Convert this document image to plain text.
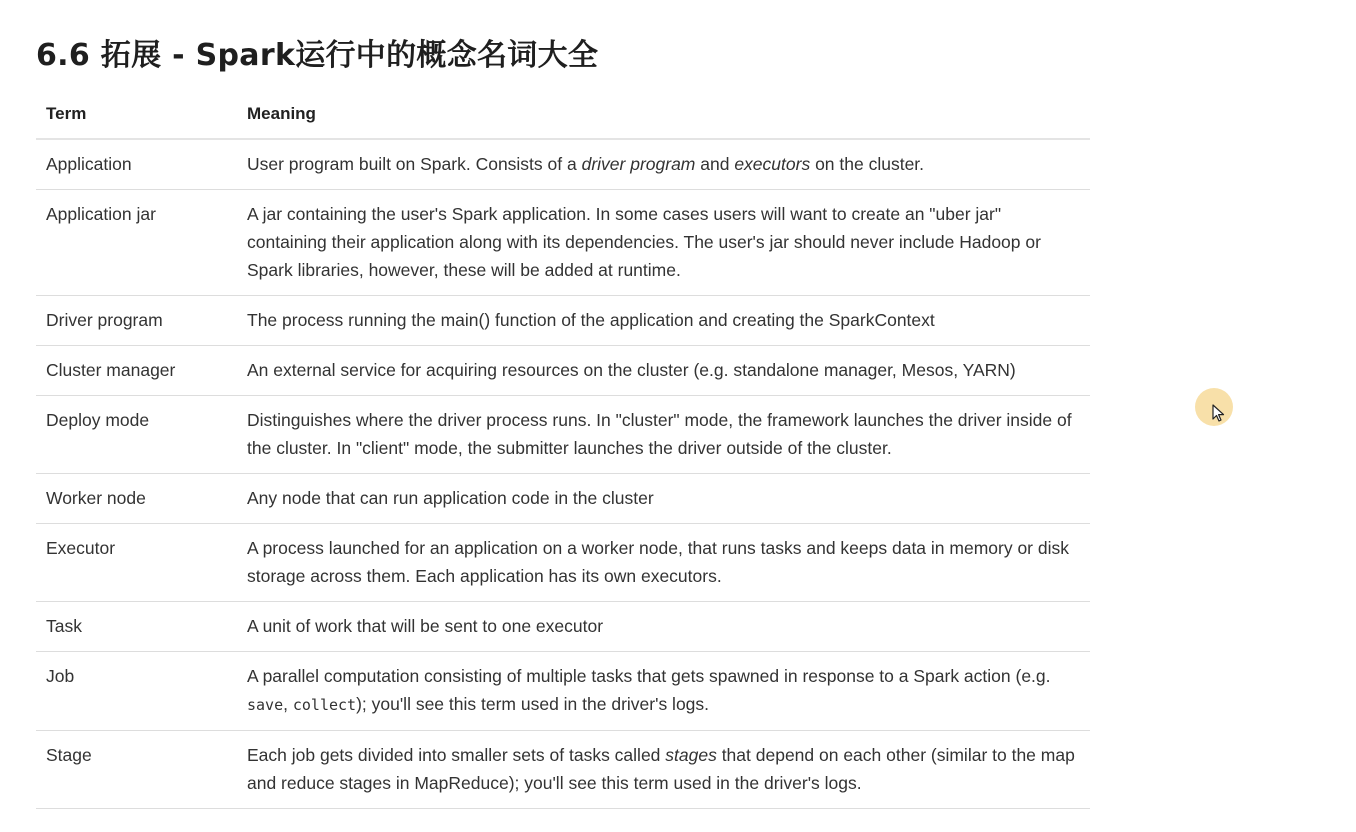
6.6 拓展 - Spark运行中的概念名词大全
Term	Meaning
Application	User program built on Spark. Consists of a driver program and executors on the cluster.
Application jar	A jar containing the user's Spark application. In some cases users will want to create an "uber jar" containing their application along with its dependencies. The user's jar should never include Hadoop or Spark libraries, however, these will be added at runtime.
Driver program	The process running the main() function of the application and creating the SparkContext
Cluster manager	An external service for acquiring resources on the cluster (e.g. standalone manager, Mesos, YARN)
Deploy mode	Distinguishes where the driver process runs. In "cluster" mode, the framework launches the driver inside of the cluster. In "client" mode, the submitter launches the driver outside of the cluster.
Worker node	Any node that can run application code in the cluster
Executor	A process launched for an application on a worker node, that runs tasks and keeps data in memory or disk storage across them. Each application has its own executors.
Task	A unit of work that will be sent to one executor
Job	A parallel computation consisting of multiple tasks that gets spawned in response to a Spark action (e.g. save, collect); you'll see this term used in the driver's logs.
Stage	Each job gets divided into smaller sets of tasks called stages that depend on each other (similar to the map and reduce stages in MapReduce); you'll see this term used in the driver's logs.
